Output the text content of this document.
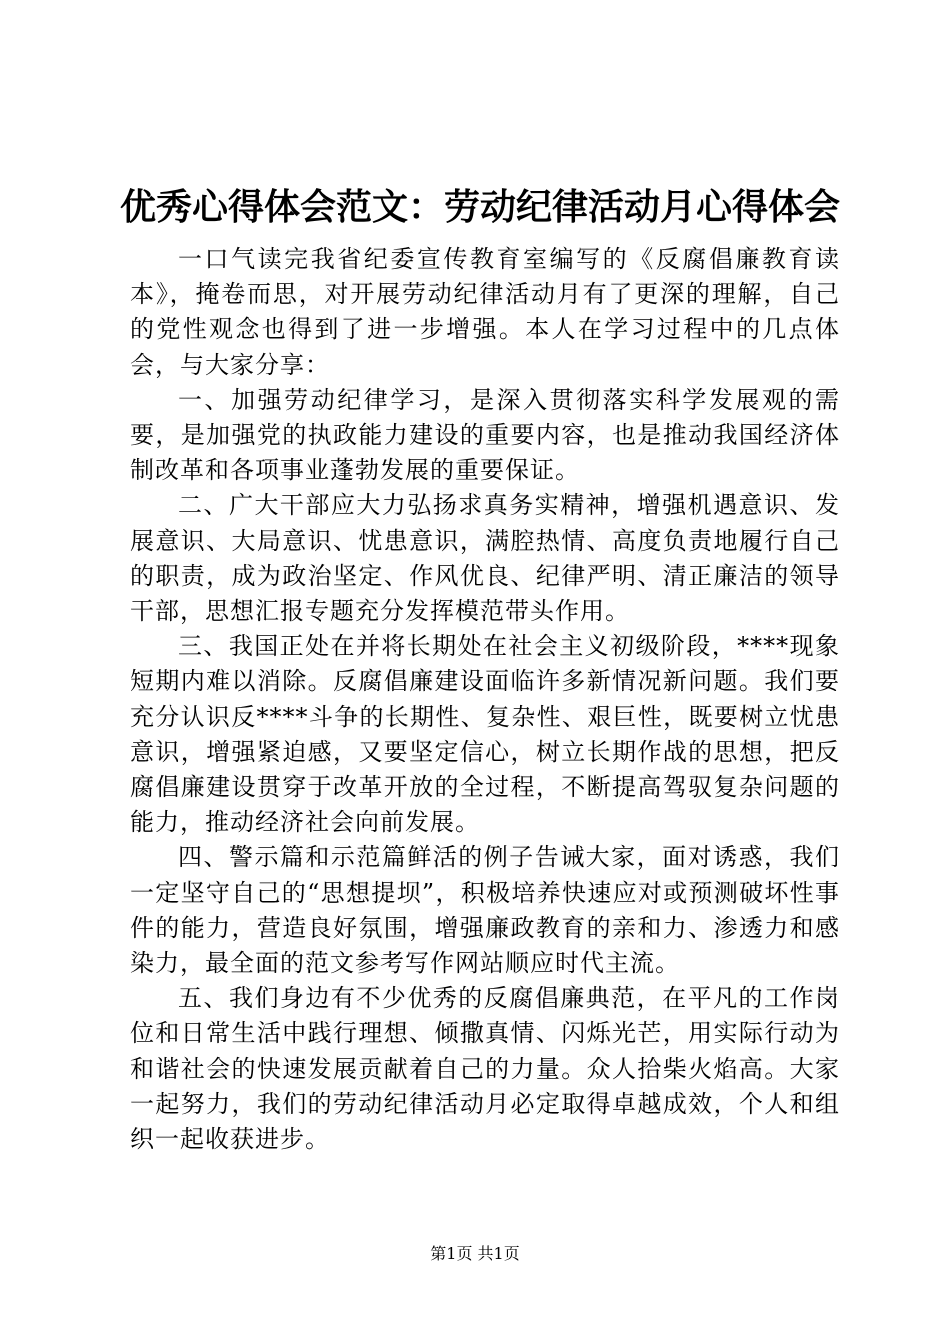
优秀心得体会范文：劳动纪律活动月心得体会

一口气读完我省纪委宣传教育室编写的《反腐倡廉教育读本》，掩卷而思，对开展劳动纪律活动月有了更深的理解，自己的党性观念也得到了进一步增强。本人在学习过程中的几点体会，与大家分享：

一、加强劳动纪律学习，是深入贯彻落实科学发展观的需要，是加强党的执政能力建设的重要内容，也是推动我国经济体制改革和各项事业蓬勃发展的重要保证。

二、广大干部应大力弘扬求真务实精神，增强机遇意识、发展意识、大局意识、忧患意识，满腔热情、高度负责地履行自己的职责，成为政治坚定、作风优良、纪律严明、清正廉洁的领导干部，思想汇报专题充分发挥模范带头作用。

三、我国正处在并将长期处在社会主义初级阶段，****现象短期内难以消除。反腐倡廉建设面临许多新情况新问题。我们要充分认识反****斗争的长期性、复杂性、艰巨性，既要树立忧患意识，增强紧迫感，又要坚定信心，树立长期作战的思想，把反腐倡廉建设贯穿于改革开放的全过程，不断提高驾驭复杂问题的能力，推动经济社会向前发展。

四、警示篇和示范篇鲜活的例子告诫大家，面对诱惑，我们一定坚守自己的“思想提坝”，积极培养快速应对或预测破坏性事件的能力，营造良好氛围，增强廉政教育的亲和力、渗透力和感染力，最全面的范文参考写作网站顺应时代主流。

五、我们身边有不少优秀的反腐倡廉典范，在平凡的工作岗位和日常生活中践行理想、倾撒真情、闪烁光芒，用实际行动为和谐社会的快速发展贡献着自己的力量。众人拾柴火焰高。大家一起努力，我们的劳动纪律活动月必定取得卓越成效，个人和组织一起收获进步。

第1页 共1页
